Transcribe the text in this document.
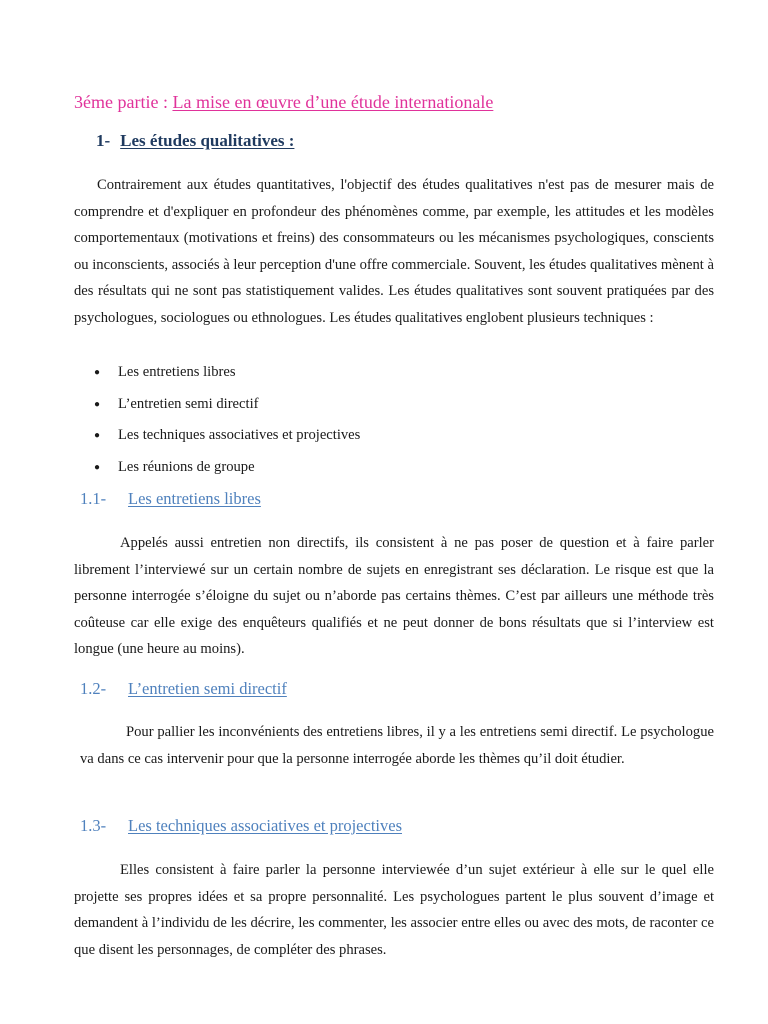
3éme partie : La mise en œuvre d’une étude internationale
1- Les études qualitatives :
Contrairement aux études quantitatives, l'objectif des études qualitatives n'est pas de mesurer mais de comprendre et d'expliquer en profondeur des phénomènes comme, par exemple, les attitudes et les modèles comportementaux (motivations et freins) des consommateurs ou les mécanismes psychologiques, conscients ou inconscients, associés à leur perception d'une offre commerciale. Souvent, les études qualitatives mènent à des résultats qui ne sont pas statistiquement valides. Les études qualitatives sont souvent pratiquées par des psychologues, sociologues ou ethnologues. Les études qualitatives englobent plusieurs techniques :
● Les entretiens libres
● L’entretien semi directif
● Les techniques associatives et projectives
● Les réunions de groupe
1.1- Les entretiens libres
Appelés aussi entretien non directifs, ils consistent à ne pas poser de question et à faire parler librement l’interviewé sur un certain nombre de sujets en enregistrant ses déclaration. Le risque est que la personne interrogée s’éloigne du sujet ou n’aborde pas certains thèmes. C’est par ailleurs une méthode très coûteuse car elle exige des enquêteurs qualifiés et ne peut donner de bons résultats que si l’interview est longue (une heure au moins).
1.2- L’entretien semi directif
Pour pallier les inconvénients des entretiens libres, il y a les entretiens semi directif. Le psychologue va dans ce cas intervenir pour que la personne interrogée aborde les thèmes qu’il doit étudier.
1.3- Les techniques associatives et projectives
Elles consistent à faire parler la personne interviewée d’un sujet extérieur à elle sur le quel elle projette ses propres idées et sa propre personnalité. Les psychologues partent le plus souvent d’image et demandent à l’individu de les décrire, les commenter, les associer entre elles ou avec des mots, de raconter ce que disent les personnages, de compléter des phrases.
